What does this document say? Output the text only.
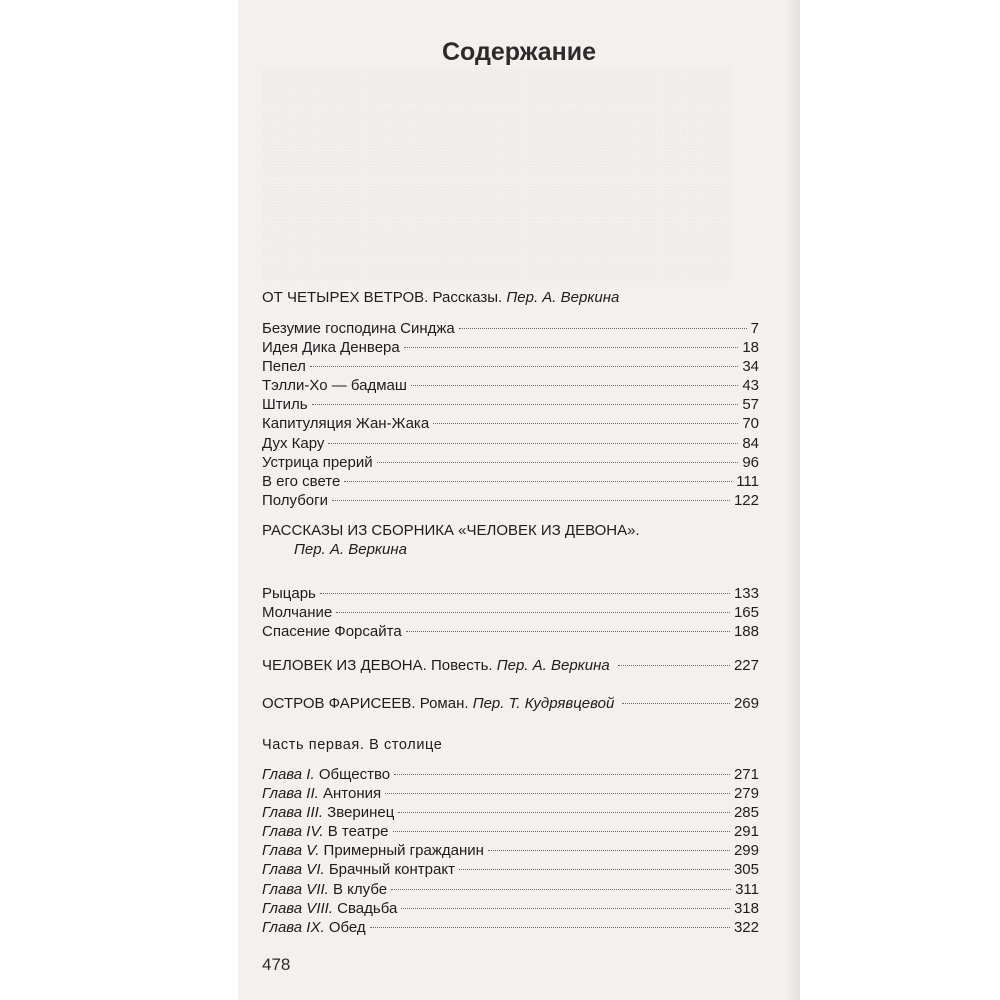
░░░░░░░░░░░░░░░░░░░░░░░░░░░░░░░░░░░░░░░
░░░░░░░░░░░░░░░░░░░░░░░░░░░░░░░░░░░░░░░
░░░░░░░░░░░░░░░░░░░░░░░░░░░░░░░░░░░░░░░
░░░░░░░░░░░░░░░░░░░░░░░░░░░░░░░░░░░░░░░
░░░░░░░░░░░░░░░░░░░░░░░░░░░░░░░░░░░░░░░
░░░░░░░░░░░░░░░░░░░░░░░░░░░░░░░░░░░░░░░
░░░░░░░░░░░░░░░░░░░░░░░░░░░░░░░░░░░░░░░
░░░░░░░░░░░░░░░░░░░░░░░░░░░░░░░░░░░░░░░
░░░░░░░░░░░░░░░░░░░░░░░░░░░░░░░░░░░░░░░
░░░░░░░░░░░░░░░░░░░░░░░░░░░░░░░░░░░░░░░
░░░░░░░░░░░░░░░░░░░░░░░░░░░░░░░░░░░░░░░

Содержание
ОТ ЧЕТЫРЕХ ВЕТРОВ. Рассказы. Пер. А. Веркина
Безумие господина Синджа	7
Идея Дика Денвера	18
Пепел	34
Тэлли-Хо — бадмаш	43
Штиль	57
Капитуляция Жан-Жака	70
Дух Кару	84
Устрица прерий	96
В его свете	111
Полубоги	122
РАССКАЗЫ ИЗ СБОРНИКА «ЧЕЛОВЕК ИЗ ДЕВОНА».
Пер. А. Веркина
Рыцарь	133
Молчание	165
Спасение Форсайта	188
ЧЕЛОВЕК ИЗ ДЕВОНА. Повесть. Пер. А. Веркина	227
ОСТРОВ ФАРИСЕЕВ. Роман. Пер. Т. Кудрявцевой	269
Часть первая. В столице
Глава I. Общество	271
Глава II. Антония	279
Глава III. Зверинец	285
Глава IV. В театре	291
Глава V. Примерный гражданин	299
Глава VI. Брачный контракт	305
Глава VII. В клубе	311
Глава VIII. Свадьба	318
Глава IX. Обед	322
478
